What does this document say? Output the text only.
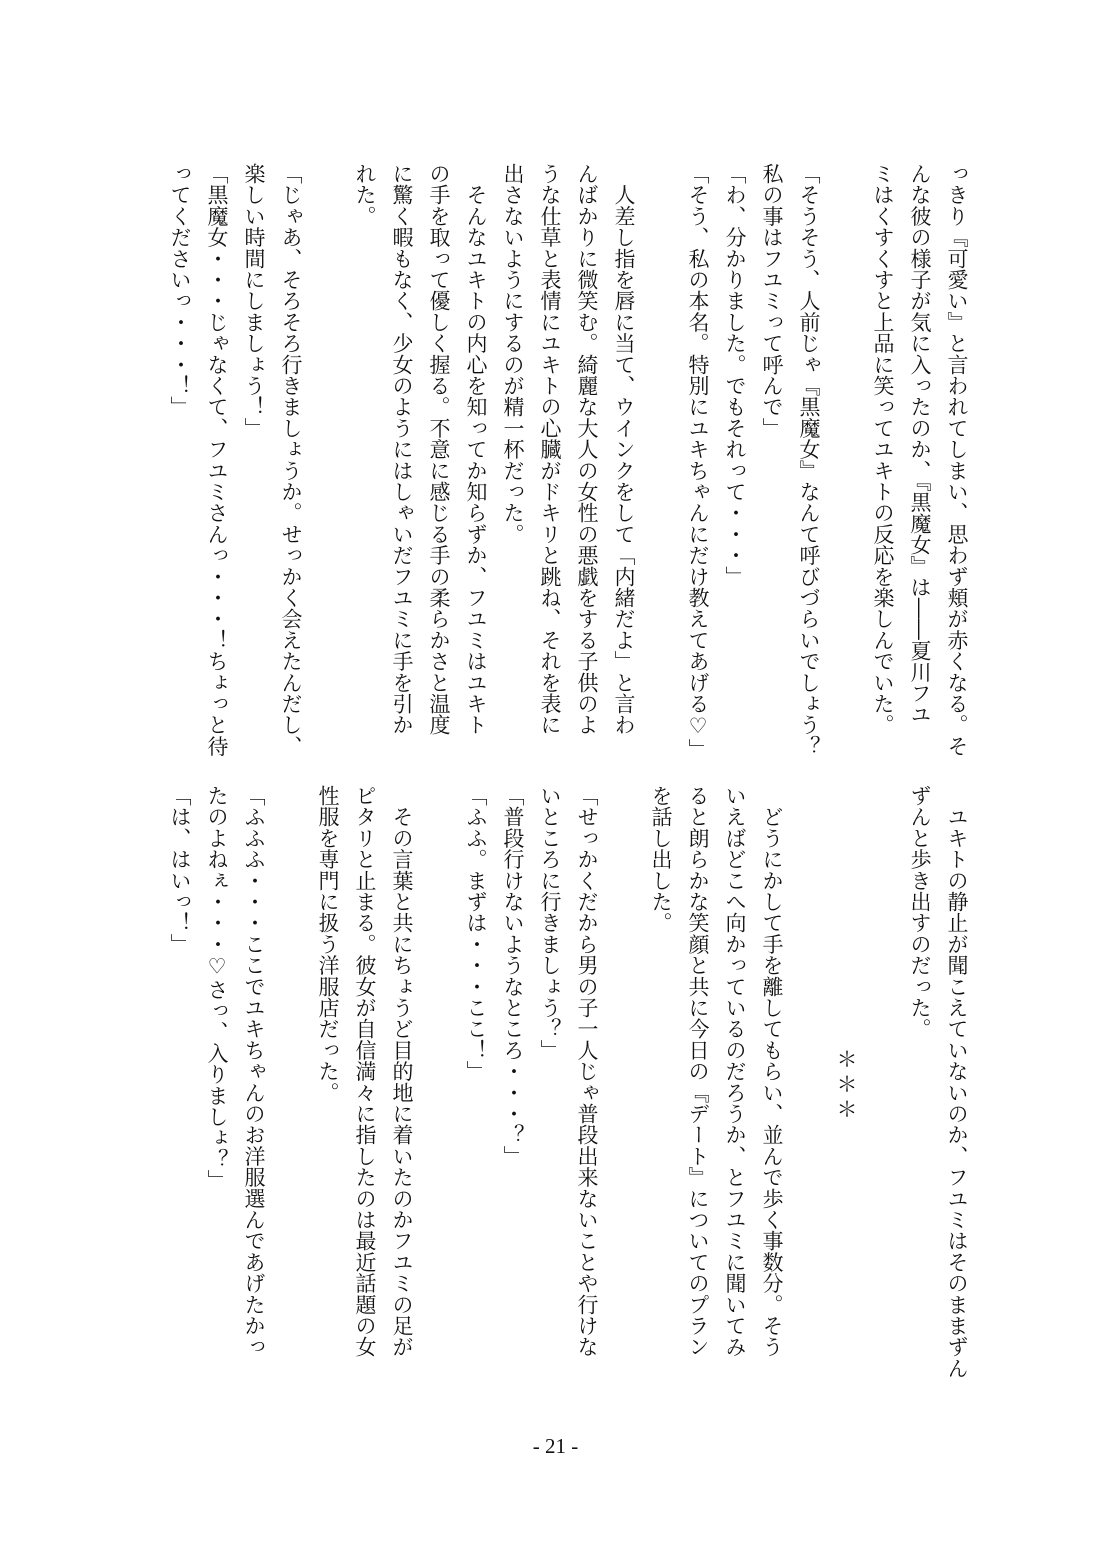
っきり『可愛い』と言われてしまい、思わず頬が赤くなる。そ
んな彼の様子が気に入ったのか、『黒魔女』は――夏川フユ
ミはくすくすと上品に笑ってユキトの反応を楽しんでいた。
「そうそう、人前じゃ『黒魔女』なんて呼びづらいでしょう？
私の事はフユミって呼んで」
「わ、分かりました。でもそれって・・・」
「そう、私の本名。特別にユキちゃんにだけ教えてあげる♡」
　人差し指を唇に当て、ウインクをして「内緒だよ」と言わ
んばかりに微笑む。綺麗な大人の女性の悪戯をする子供のよ
うな仕草と表情にユキトの心臓がドキリと跳ね、それを表に
出さないようにするのが精一杯だった。
　そんなユキトの内心を知ってか知らずか、フユミはユキト
の手を取って優しく握る。不意に感じる手の柔らかさと温度
に驚く暇もなく、少女のようにはしゃいだフユミに手を引か
れた。
「じゃあ、そろそろ行きましょうか。せっかく会えたんだし、
楽しい時間にしましょう！」
「黒魔女・・・じゃなくて、フユミさんっ・・・！ちょっと待
ってくださいっ・・・！」
　ユキトの静止が聞こえていないのか、フユミはそのままずん
ずんと歩き出すのだった。
＊＊＊
　どうにかして手を離してもらい、並んで歩く事数分。そう
いえばどこへ向かっているのだろうか、とフユミに聞いてみ
ると朗らかな笑顔と共に今日の『デート』についてのプラン
を話し出した。
「せっかくだから男の子一人じゃ普段出来ないことや行けな
いところに行きましょう？」
「普段行けないようなところ・・・？」
「ふふ。まずは・・・ここ！」
　その言葉と共にちょうど目的地に着いたのかフユミの足が
ピタリと止まる。彼女が自信満々に指したのは最近話題の女
性服を専門に扱う洋服店だった。
「ふふふ・・・ここでユキちゃんのお洋服選んであげたかっ
たのよねぇ・・・♡さっ、入りましょ？」
「は、はいっ！」
- 21 -
